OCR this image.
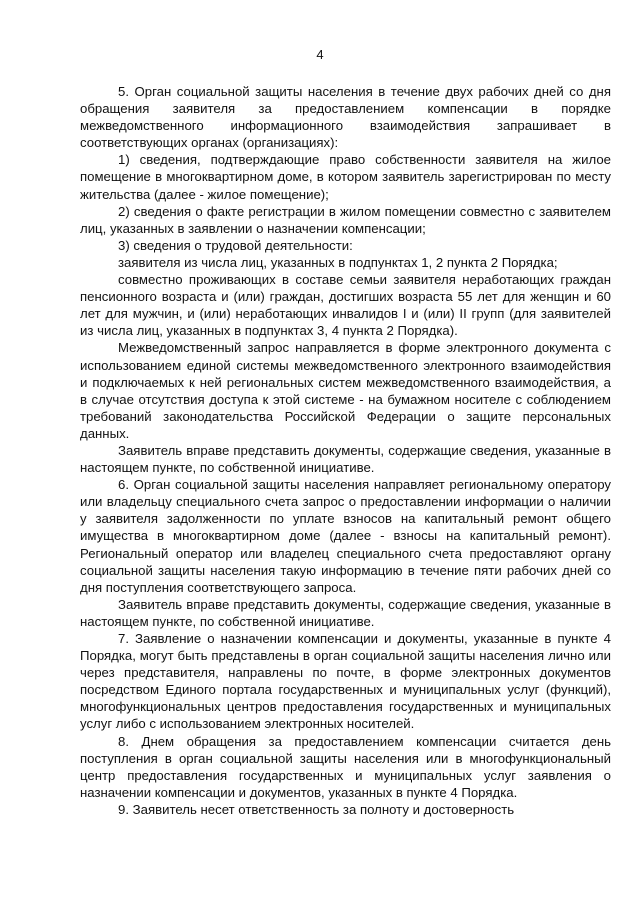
4

5. Орган социальной защиты населения в течение двух рабочих дней со дня обращения заявителя за предоставлением компенсации в порядке межведомственного информационного взаимодействия запрашивает в соответствующих органах (организациях):

1) сведения, подтверждающие право собственности заявителя на жилое помещение в многоквартирном доме, в котором заявитель зарегистрирован по месту жительства (далее - жилое помещение);

2) сведения о факте регистрации в жилом помещении совместно с заявителем лиц, указанных в заявлении о назначении компенсации;

3) сведения о трудовой деятельности:

заявителя из числа лиц, указанных в подпунктах 1, 2 пункта 2 Порядка;

совместно проживающих в составе семьи заявителя неработающих граждан пенсионного возраста и (или) граждан, достигших возраста 55 лет для женщин и 60 лет для мужчин, и (или) неработающих инвалидов I и (или) II групп (для заявителей из числа лиц, указанных в подпунктах 3, 4 пункта 2 Порядка).

Межведомственный запрос направляется в форме электронного документа с использованием единой системы межведомственного электронного взаимодействия и подключаемых к ней региональных систем межведомственного взаимодействия, а в случае отсутствия доступа к этой системе - на бумажном носителе с соблюдением требований законодательства Российской Федерации о защите персональных данных.

Заявитель вправе представить документы, содержащие сведения, указанные в настоящем пункте, по собственной инициативе.

6. Орган социальной защиты населения направляет региональному оператору или владельцу специального счета запрос о предоставлении информации о наличии у заявителя задолженности по уплате взносов на капитальный ремонт общего имущества в многоквартирном доме (далее - взносы на капитальный ремонт). Региональный оператор или владелец специального счета предоставляют органу социальной защиты населения такую информацию в течение пяти рабочих дней со дня поступления соответствующего запроса.

Заявитель вправе представить документы, содержащие сведения, указанные в настоящем пункте, по собственной инициативе.

7. Заявление о назначении компенсации и документы, указанные в пункте 4 Порядка, могут быть представлены в орган социальной защиты населения лично или через представителя, направлены по почте, в форме электронных документов посредством Единого портала государственных и муниципальных услуг (функций), многофункциональных центров предоставления государственных и муниципальных услуг либо с использованием электронных носителей.

8. Днем обращения за предоставлением компенсации считается день поступления в орган социальной защиты населения или в многофункциональный центр предоставления государственных и муниципальных услуг заявления о назначении компенсации и документов, указанных в пункте 4 Порядка.

9. Заявитель несет ответственность за полноту и достоверность
